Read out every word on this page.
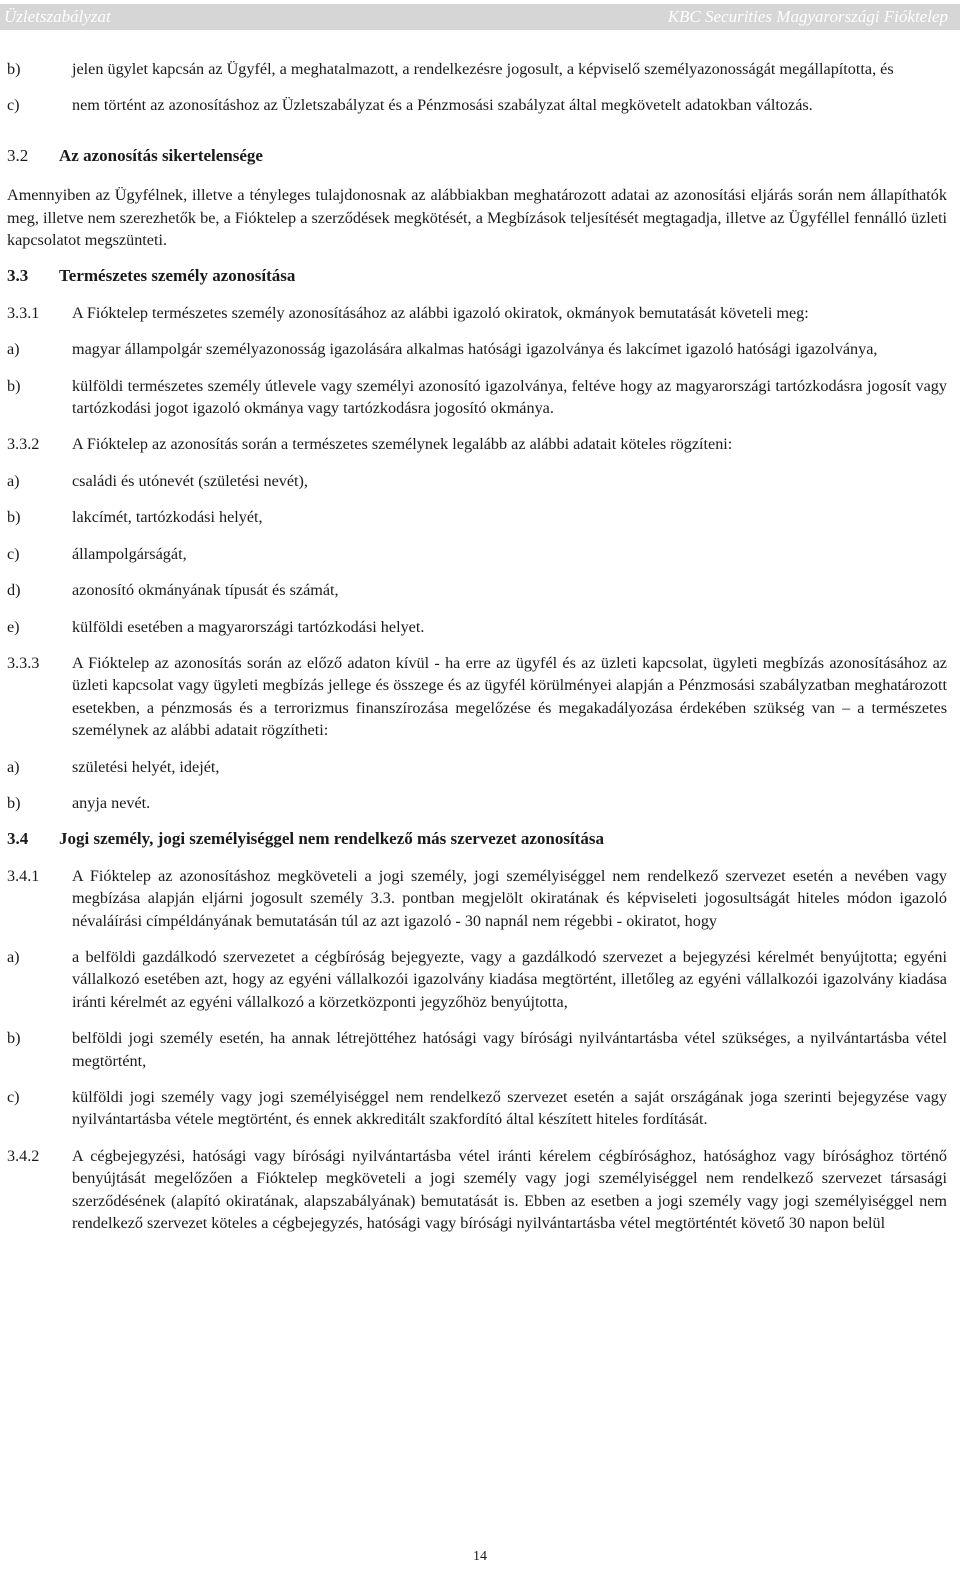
Üzletszabályzat	KBC Securities Magyarországi Fióktelep
b)	jelen ügylet kapcsán az Ügyfél, a meghatalmazott, a rendelkezésre jogosult, a képviselő személyazonosságát megállapította, és
c)	nem történt az azonosításhoz az Üzletszabályzat és a Pénzmosási szabályzat által megkövetelt adatokban változás.
3.2	Az azonosítás sikertelensége

Amennyiben az Ügyfélnek, illetve a tényleges tulajdonosnak az alábbiakban meghatározott adatai az azonosítási eljárás során nem állapíthatók meg, illetve nem szerezhetők be, a Fióktelep a szerződések megkötését, a Megbízások teljesítését megtagadja, illetve az Ügyféllel fennálló üzleti kapcsolatot megszünteti.

3.3	Természetes személy azonosítása
3.3.1	A Fióktelep természetes személy azonosításához az alábbi igazoló okiratok, okmányok bemutatását követeli meg:
a)	magyar állampolgár személyazonosság igazolására alkalmas hatósági igazolványa és lakcímet igazoló hatósági igazolványa,
b)	külföldi természetes személy útlevele vagy személyi azonosító igazolványa, feltéve hogy az magyarországi tartózkodásra jogosít vagy tartózkodási jogot igazoló okmánya vagy tartózkodásra jogosító okmánya.
3.3.2	A Fióktelep az azonosítás során a természetes személynek legalább az alábbi adatait köteles rögzíteni:
a)	családi és utónevét (születési nevét),
b)	lakcímét, tartózkodási helyét,
c)	állampolgárságát,
d)	azonosító okmányának típusát és számát,
e)	külföldi esetében a magyarországi tartózkodási helyet.
3.3.3	A Fióktelep az azonosítás során az előző adaton kívül - ha erre az ügyfél és az üzleti kapcsolat, ügyleti megbízás azonosításához az üzleti kapcsolat vagy ügyleti megbízás jellege és összege és az ügyfél körülményei alapján a Pénzmosási szabályzatban meghatározott esetekben, a pénzmosás és a terrorizmus finanszírozása megelőzése és megakadályozása érdekében szükség van – a természetes személynek az alábbi adatait rögzítheti:
a)	születési helyét, idejét,
b)	anyja nevét.
3.4	Jogi személy, jogi személyiséggel nem rendelkező más szervezet azonosítása
3.4.1	A Fióktelep az azonosításhoz megköveteli a jogi személy, jogi személyiséggel nem rendelkező szervezet esetén a nevében vagy megbízása alapján eljárni jogosult személy 3.3. pontban megjelölt okiratának és képviseleti jogosultságát hiteles módon igazoló névaláírási címpéldányának bemutatásán túl az azt igazoló - 30 napnál nem régebbi - okiratot, hogy
a)	a belföldi gazdálkodó szervezetet a cégbíróság bejegyezte, vagy a gazdálkodó szervezet a bejegyzési kérelmét benyújtotta; egyéni vállalkozó esetében azt, hogy az egyéni vállalkozói igazolvány kiadása megtörtént, illetőleg az egyéni vállalkozói igazolvány kiadása iránti kérelmét az egyéni vállalkozó a körzetközponti jegyzőhöz benyújtotta,
b)	belföldi jogi személy esetén, ha annak létrejöttéhez hatósági vagy bírósági nyilvántartásba vétel szükséges, a nyilvántartásba vétel megtörtént,
c)	külföldi jogi személy vagy jogi személyiséggel nem rendelkező szervezet esetén a saját országának joga szerinti bejegyzése vagy nyilvántartásba vétele megtörtént, és ennek akkreditált szakfordító által készített hiteles fordítását.
3.4.2	A cégbejegyzési, hatósági vagy bírósági nyilvántartásba vétel iránti kérelem cégbírósághoz, hatósághoz vagy bírósághoz történő benyújtását megelőzően a Fióktelep megköveteli a jogi személy vagy jogi személyiséggel nem rendelkező szervezet társasági szerződésének (alapító okiratának, alapszabályának) bemutatását is. Ebben az esetben a jogi személy vagy jogi személyiséggel nem rendelkező szervezet köteles a cégbejegyzés, hatósági vagy bírósági nyilvántartásba vétel megtörténtét követő 30 napon belül
14
